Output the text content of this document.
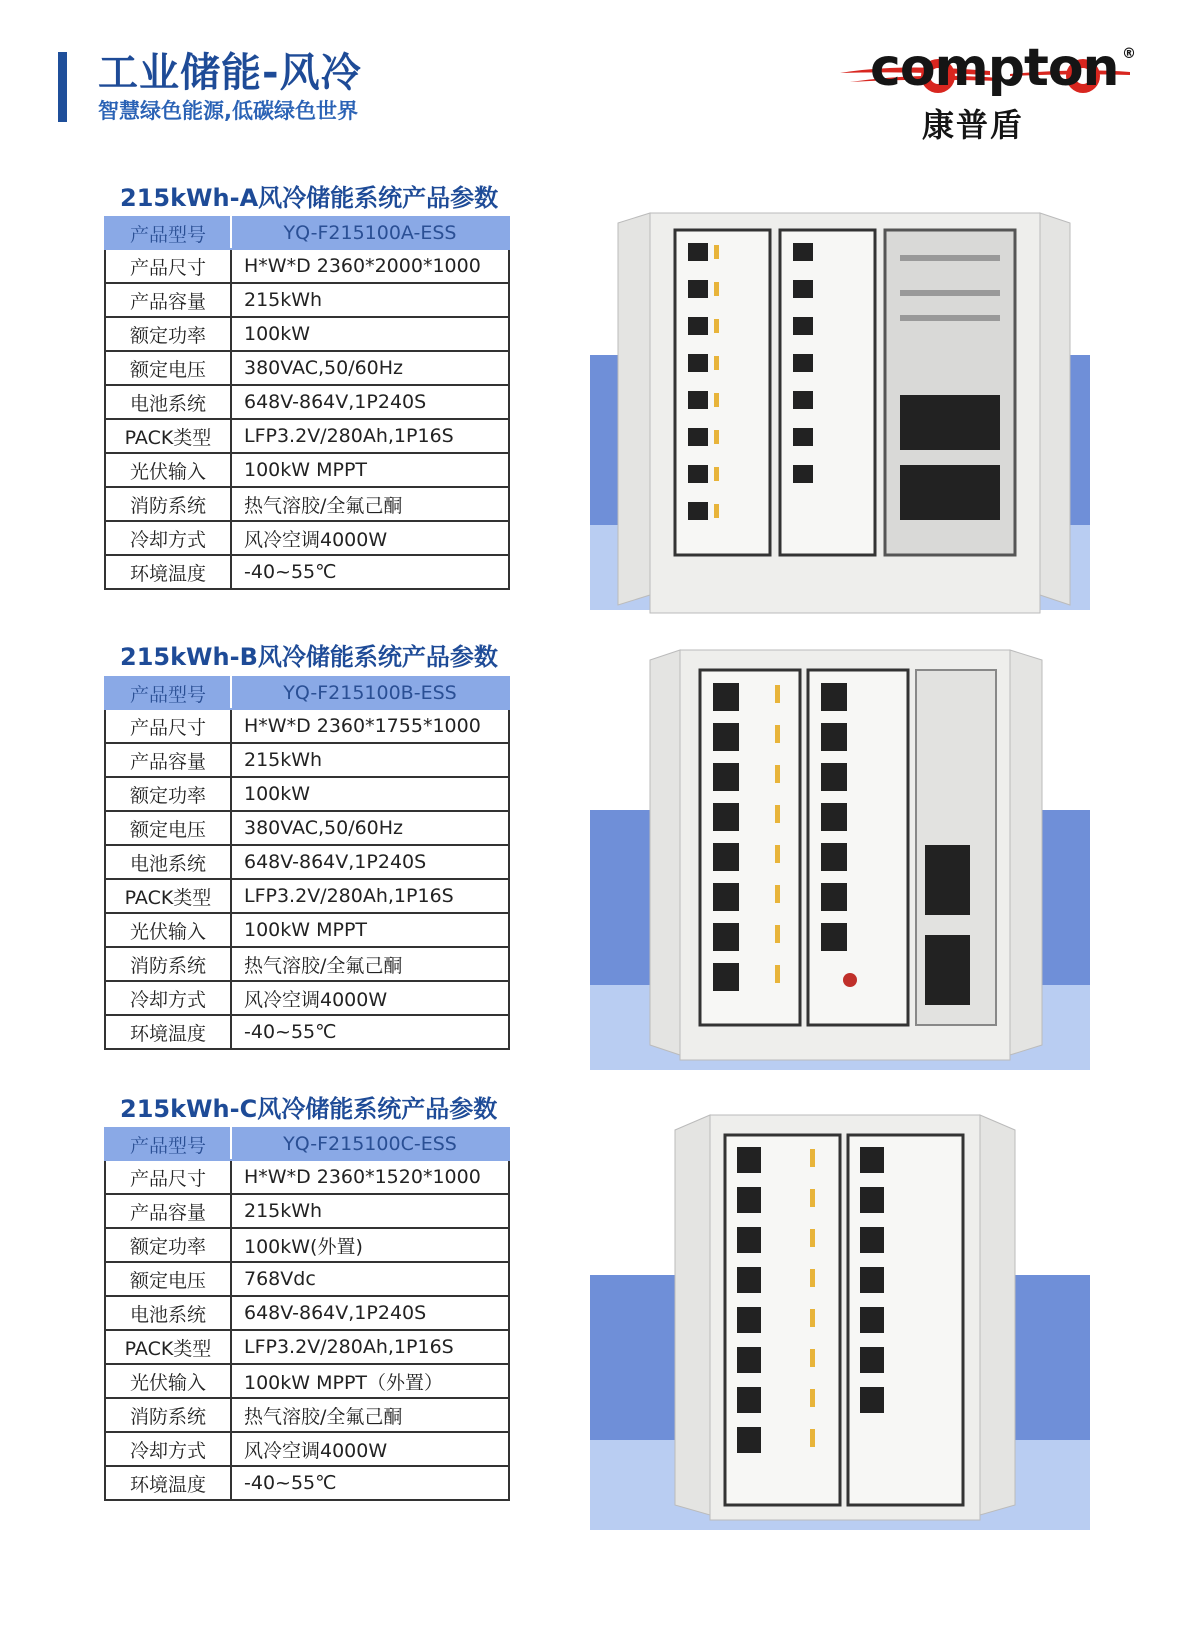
工业储能-风冷
智慧绿色能源,低碳绿色世界
compton ®
康普盾
215kWh-A风冷储能系统产品参数
产品型号	YQ-F215100A-ESS
产品尺寸	H*W*D 2360*2000*1000
产品容量	215kWh
额定功率	100kW
额定电压	380VAC,50/60Hz
电池系统	648V-864V,1P240S
PACK类型	LFP3.2V/280Ah,1P16S
光伏输入	100kW MPPT
消防系统	热气溶胶/全氟己酮
冷却方式	风冷空调4000W
环境温度	-40~55℃
215kWh-B风冷储能系统产品参数
产品型号	YQ-F215100B-ESS
产品尺寸	H*W*D 2360*1755*1000
产品容量	215kWh
额定功率	100kW
额定电压	380VAC,50/60Hz
电池系统	648V-864V,1P240S
PACK类型	LFP3.2V/280Ah,1P16S
光伏输入	100kW MPPT
消防系统	热气溶胶/全氟己酮
冷却方式	风冷空调4000W
环境温度	-40~55℃
215kWh-C风冷储能系统产品参数
产品型号	YQ-F215100C-ESS
产品尺寸	H*W*D 2360*1520*1000
产品容量	215kWh
额定功率	100kW(外置)
额定电压	768Vdc
电池系统	648V-864V,1P240S
PACK类型	LFP3.2V/280Ah,1P16S
光伏输入	100kW MPPT（外置）
消防系统	热气溶胶/全氟己酮
冷却方式	风冷空调4000W
环境温度	-40~55℃
